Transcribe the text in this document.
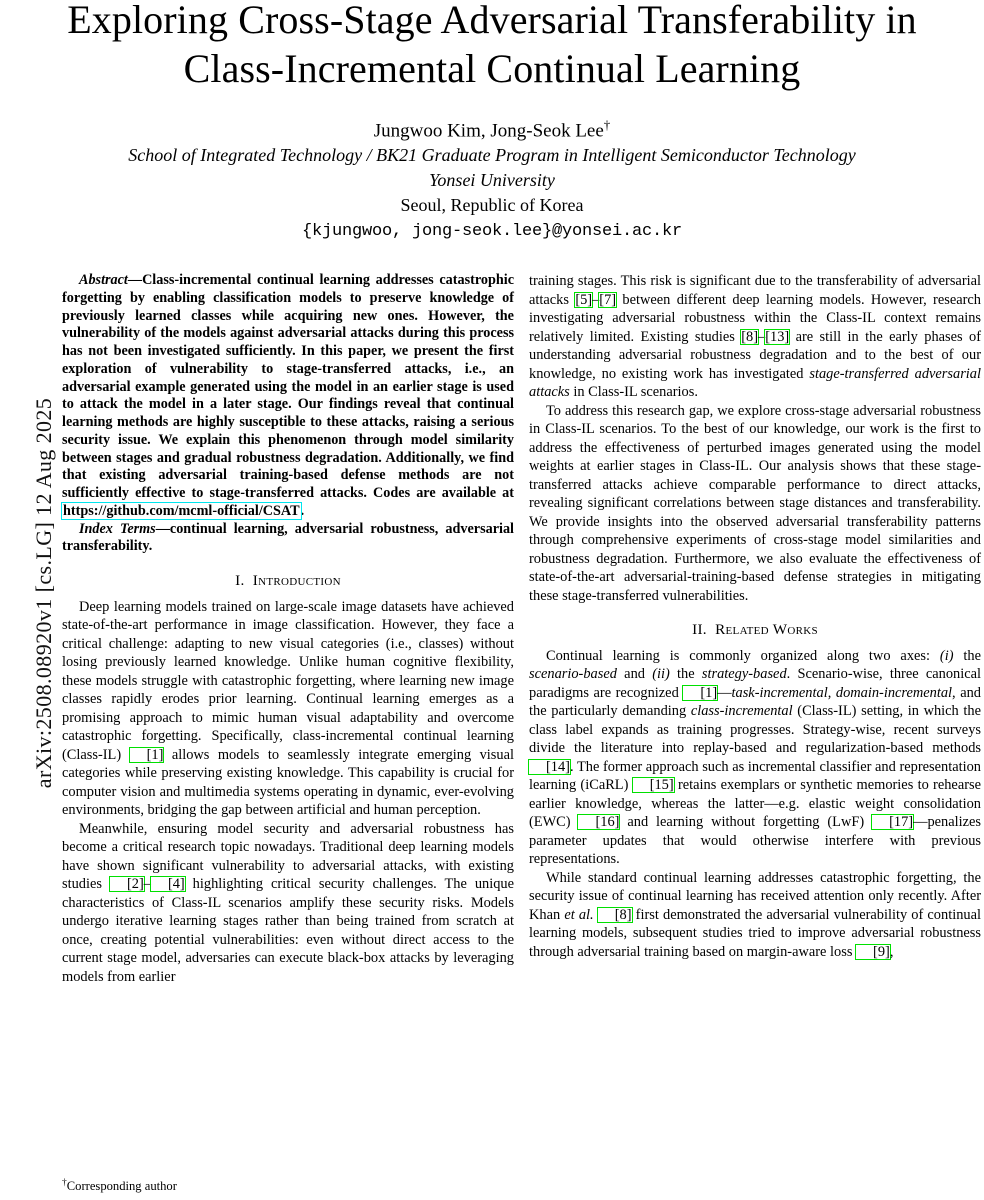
arXiv:2508.08920v1 [cs.LG] 12 Aug 2025
Exploring Cross-Stage Adversarial Transferability in Class-Incremental Continual Learning
Jungwoo Kim, Jong-Seok Lee†
School of Integrated Technology / BK21 Graduate Program in Intelligent Semiconductor Technology
Yonsei University
Seoul, Republic of Korea
{kjungwoo, jong-seok.lee}@yonsei.ac.kr

Abstract—Class-incremental continual learning addresses catastrophic forgetting by enabling classification models to preserve knowledge of previously learned classes while acquiring new ones. However, the vulnerability of the models against adversarial attacks during this process has not been investigated sufficiently. In this paper, we present the first exploration of vulnerability to stage-transferred attacks, i.e., an adversarial example generated using the model in an earlier stage is used to attack the model in a later stage. Our findings reveal that continual learning methods are highly susceptible to these attacks, raising a serious security issue. We explain this phenomenon through model similarity between stages and gradual robustness degradation. Additionally, we find that existing adversarial training-based defense methods are not sufficiently effective to stage-transferred attacks. Codes are available at https://github.com/mcml-official/CSAT.

Index Terms—continual learning, adversarial robustness, adversarial transferability.

I. Introduction

Deep learning models trained on large-scale image datasets have achieved state-of-the-art performance in image classification. However, they face a critical challenge: adapting to new visual categories (i.e., classes) without losing previously learned knowledge. Unlike human cognitive flexibility, these models struggle with catastrophic forgetting, where learning new image classes rapidly erodes prior learning. Continual learning emerges as a promising approach to mimic human visual adaptability and overcome catastrophic forgetting. Specifically, class-incremental continual learning (Class-IL) [1] allows models to seamlessly integrate emerging visual categories while preserving existing knowledge. This capability is crucial for computer vision and multimedia systems operating in dynamic, ever-evolving environments, bridging the gap between artificial and human perception.

Meanwhile, ensuring model security and adversarial robustness has become a critical research topic nowadays. Traditional deep learning models have shown significant vulnerability to adversarial attacks, with existing studies [2]– [4] highlighting critical security challenges. The unique characteristics of Class-IL scenarios amplify these security risks. Models undergo iterative learning stages rather than being trained from scratch at once, creating potential vulnerabilities: even without direct access to the current stage model, adversaries can execute black-box attacks by leveraging models from earlier

training stages. This risk is significant due to the transferability of adversarial attacks [5]–[7] between different deep learning models. However, research investigating adversarial robustness within the Class-IL context remains relatively limited. Existing studies [8]–[13] are still in the early phases of understanding adversarial robustness degradation and to the best of our knowledge, no existing work has investigated stage-transferred adversarial attacks in Class-IL scenarios.

To address this research gap, we explore cross-stage adversarial robustness in Class-IL scenarios. To the best of our knowledge, our work is the first to address the effectiveness of perturbed images generated using the model weights at earlier stages in Class-IL. Our analysis shows that these stage-transferred attacks achieve comparable performance to direct attacks, revealing significant correlations between stage distances and transferability. We provide insights into the observed adversarial transferability patterns through comprehensive experiments of cross-stage model similarities and robustness degradation. Furthermore, we also evaluate the effectiveness of state-of-the-art adversarial-training-based defense strategies in mitigating these stage-transferred vulnerabilities.

II. Related Works

Continual learning is commonly organized along two axes: (i) the scenario-based and (ii) the strategy-based. Scenario-wise, three canonical paradigms are recognized [1]—task-incremental, domain-incremental, and the particularly demanding class-incremental (Class-IL) setting, in which the class label expands as training progresses. Strategy-wise, recent surveys divide the literature into replay-based and regularization-based methods [14]. The former approach such as incremental classifier and representation learning (iCaRL) [15] retains exemplars or synthetic memories to rehearse earlier knowledge, whereas the latter—e.g. elastic weight consolidation (EWC) [16] and learning without forgetting (LwF) [17]—penalizes parameter updates that would otherwise interfere with previous representations.

While standard continual learning addresses catastrophic forgetting, the security issue of continual learning has received attention only recently. After Khan et al. [8] first demonstrated the adversarial vulnerability of continual learning models, subsequent studies tried to improve adversarial robustness through adversarial training based on margin-aware loss [9],

†Corresponding author
